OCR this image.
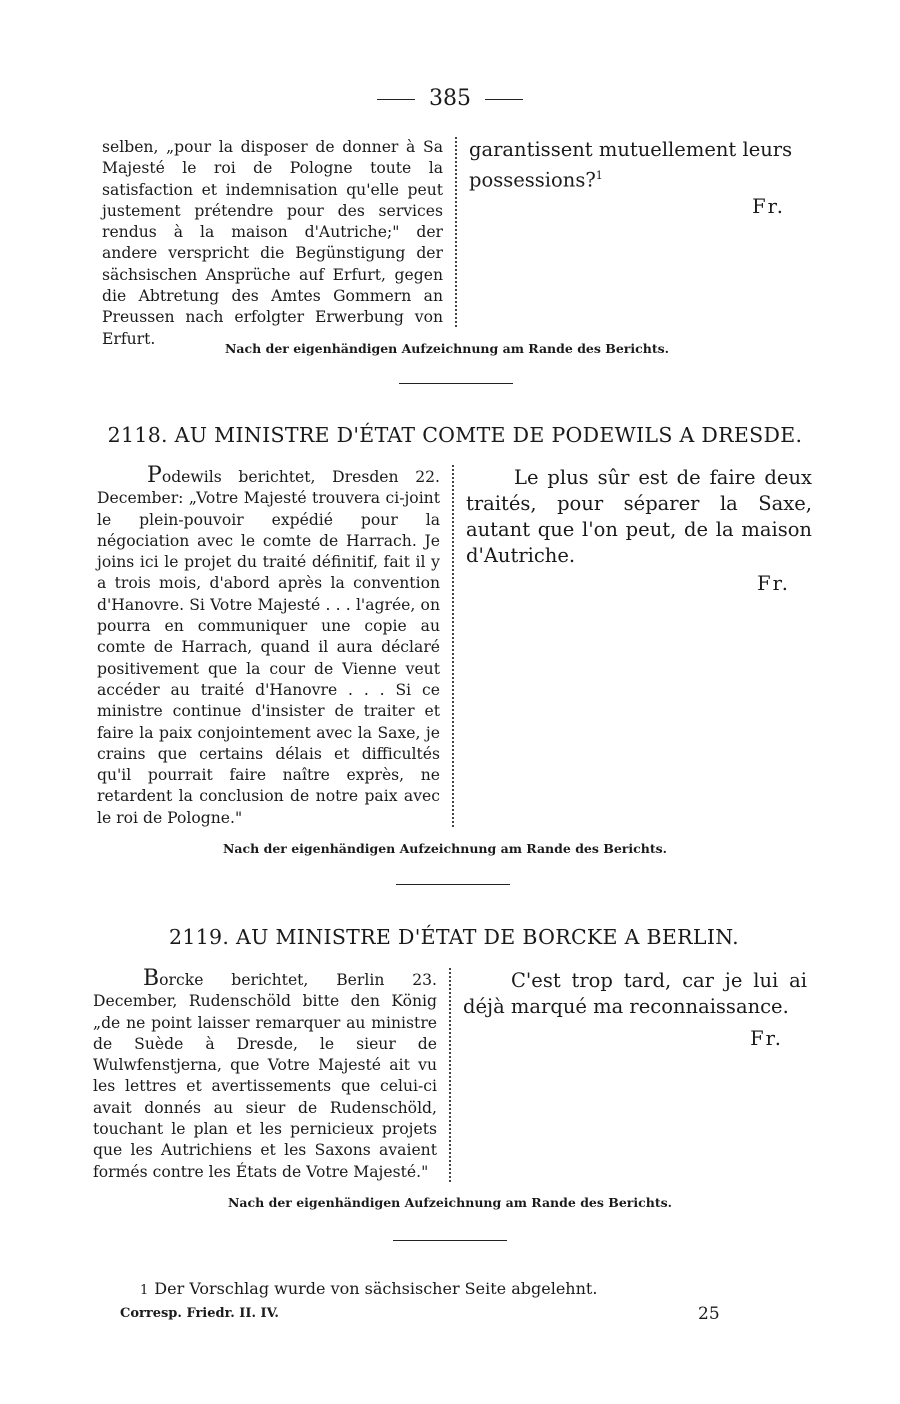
385
selben, „pour la disposer de donner à Sa Majesté le roi de Pologne toute la satisfaction et indemnisation qu'elle peut justement prétendre pour des services rendus à la maison d'Autriche;" der andere verspricht die Begünstigung der sächsischen Ansprüche auf Erfurt, gegen die Abtretung des Amtes Gommern an Preussen nach erfolgter Erwerbung von Erfurt.
garantissent mutuellement leurs possessions?$^1$
Fr.
Nach der eigenhändigen Aufzeichnung am Rande des Berichts.
2118. AU MINISTRE D'ÉTAT COMTE DE PODEWILS A DRESDE.
Podewils berichtet, Dresden 22. December: „Votre Majesté trouvera ci-joint le plein-pouvoir expédié pour la négociation avec le comte de Harrach. Je joins ici le projet du traité définitif, fait il y a trois mois, d'abord après la convention d'Hanovre. Si Votre Majesté . . . l'agrée, on pourra en communiquer une copie au comte de Harrach, quand il aura déclaré positivement que la cour de Vienne veut accéder au traité d'Hanovre . . . Si ce ministre continue d'insister de traiter et faire la paix conjointement avec la Saxe, je crains que certains délais et difficultés qu'il pourrait faire naître exprès, ne retardent la conclusion de notre paix avec le roi de Pologne."
Le plus sûr est de faire deux traités, pour séparer la Saxe, autant que l'on peut, de la maison d'Autriche.
Fr.
Nach der eigenhändigen Aufzeichnung am Rande des Berichts.
2119. AU MINISTRE D'ÉTAT DE BORCKE A BERLIN.
Borcke berichtet, Berlin 23. December, Rudenschöld bitte den König „de ne point laisser remarquer au ministre de Suède à Dresde, le sieur de Wulwfenstjerna, que Votre Majesté ait vu les lettres et avertissements que celui-ci avait donnés au sieur de Rudenschöld, touchant le plan et les pernicieux projets que les Autrichiens et les Saxons avaient formés contre les États de Votre Majesté."
C'est trop tard, car je lui ai déjà marqué ma reconnaissance.
Fr.
Nach der eigenhändigen Aufzeichnung am Rande des Berichts.
1 Der Vorschlag wurde von sächsischer Seite abgelehnt.
Corresp. Friedr. II. IV.	25
